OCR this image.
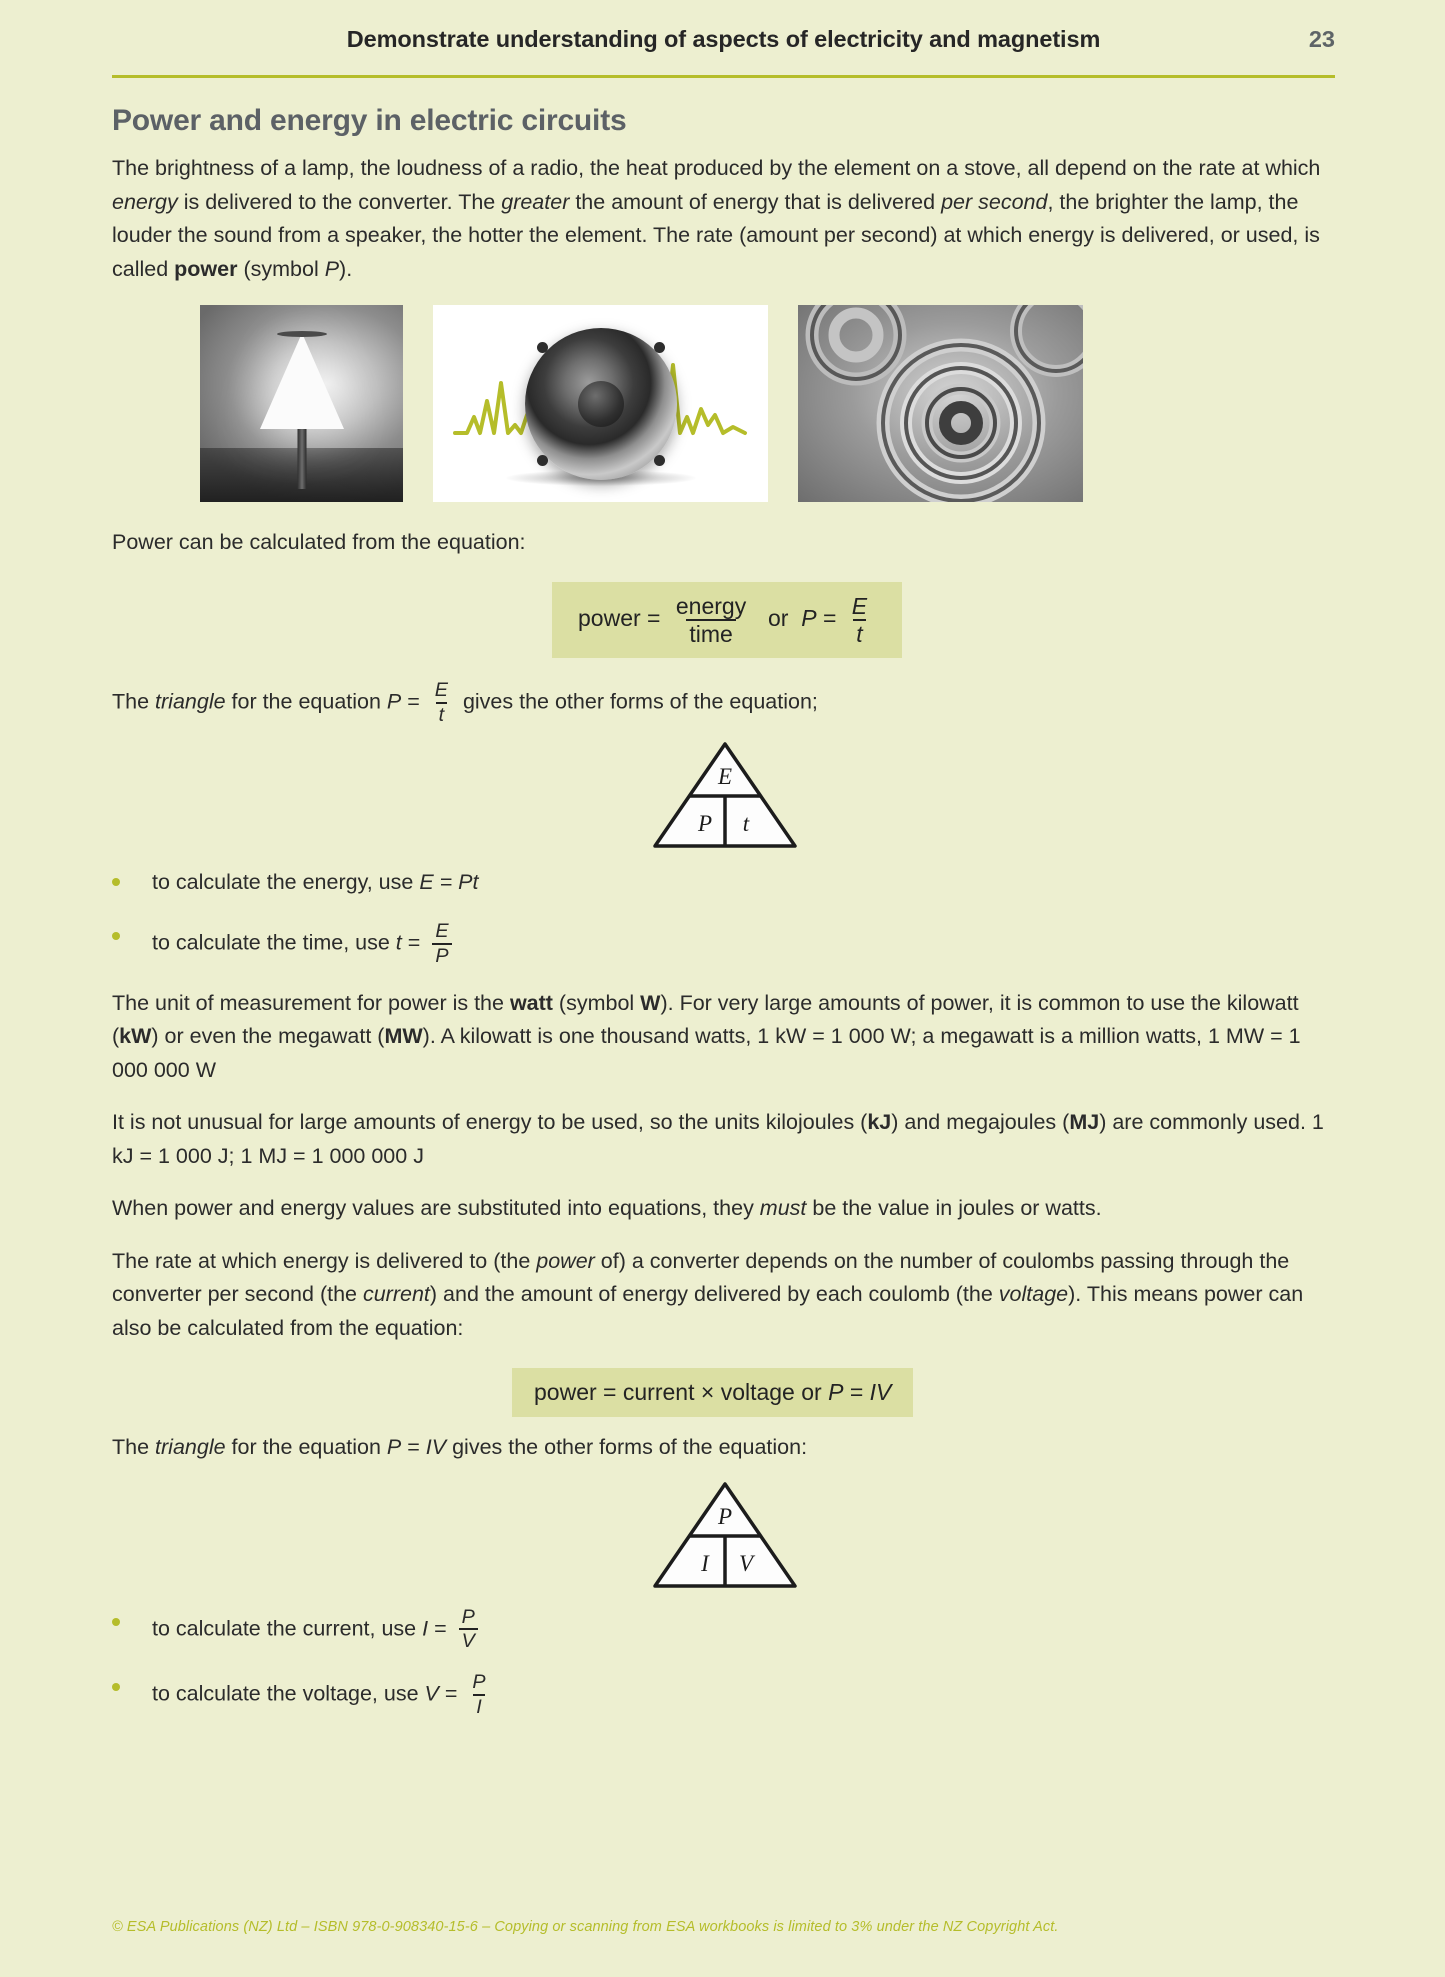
Demonstrate understanding of aspects of electricity and magnetism	23
Power and energy in electric circuits

The brightness of a lamp, the loudness of a radio, the heat produced by the element on a stove, all depend on the rate at which energy is delivered to the converter. The greater the amount of energy that is delivered per second, the brighter the lamp, the louder the sound from a speaker, the hotter the element. The rate (amount per second) at which energy is delivered, or used, is called power (symbol P).

Power can be calculated from the equation:

power = $\frac{\text{energy}}{\text{time}}$ or $P = \frac{E}{t}$

The triangle for the equation $P = \frac{E}{t}$ gives the other forms of the equation;

E
P t
to calculate the energy, use E = Pt
to calculate the time, use $t = \frac{E}{P}$

The unit of measurement for power is the watt (symbol W). For very large amounts of power, it is common to use the kilowatt (kW) or even the megawatt (MW). A kilowatt is one thousand watts, 1 kW = 1 000 W; a megawatt is a million watts, 1 MW = 1 000 000 W

It is not unusual for large amounts of energy to be used, so the units kilojoules (kJ) and megajoules (MJ) are commonly used. 1 kJ = 1 000 J; 1 MJ = 1 000 000 J

When power and energy values are substituted into equations, they must be the value in joules or watts.

The rate at which energy is delivered to (the power of) a converter depends on the number of coulombs passing through the converter per second (the current) and the amount of energy delivered by each coulomb (the voltage). This means power can also be calculated from the equation:

power = current × voltage or P = IV

The triangle for the equation P = IV gives the other forms of the equation:

P
I V
to calculate the current, use $I = \frac{P}{V}$
to calculate the voltage, use $V = \frac{P}{I}$
© ESA Publications (NZ) Ltd – ISBN 978-0-908340-15-6 – Copying or scanning from ESA workbooks is limited to 3% under the NZ Copyright Act.
